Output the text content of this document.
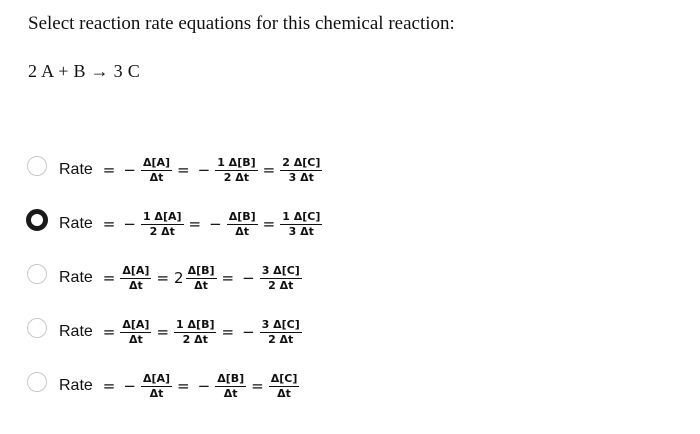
Select reaction rate equations for this chemical reaction:
2 A + B → 3 C
Rate = − $\frac{\Delta[A]}{\Delta t}$ = − $\frac{1 \Delta[B]}{2 \Delta t} = \frac{2 \Delta[C]}{3 \Delta t}$
Rate = − $\frac{1 \Delta[A]}{2 \Delta t}$ = − $\frac{\Delta[B]}{\Delta t} = \frac{1 \Delta[C]}{3 \Delta t}$
Rate = $\frac{\Delta[A]}{\Delta t} = 2 \frac{\Delta[B]}{\Delta t}$ = − $\frac{3 \Delta[C]}{2 \Delta t}$
Rate = $\frac{\Delta[A]}{\Delta t} = \frac{1 \Delta[B]}{2 \Delta t}$ = − $\frac{3 \Delta[C]}{2 \Delta t}$
Rate = − $\frac{\Delta[A]}{\Delta t}$ = − $\frac{\Delta[B]}{\Delta t} = \frac{\Delta[C]}{\Delta t}$
